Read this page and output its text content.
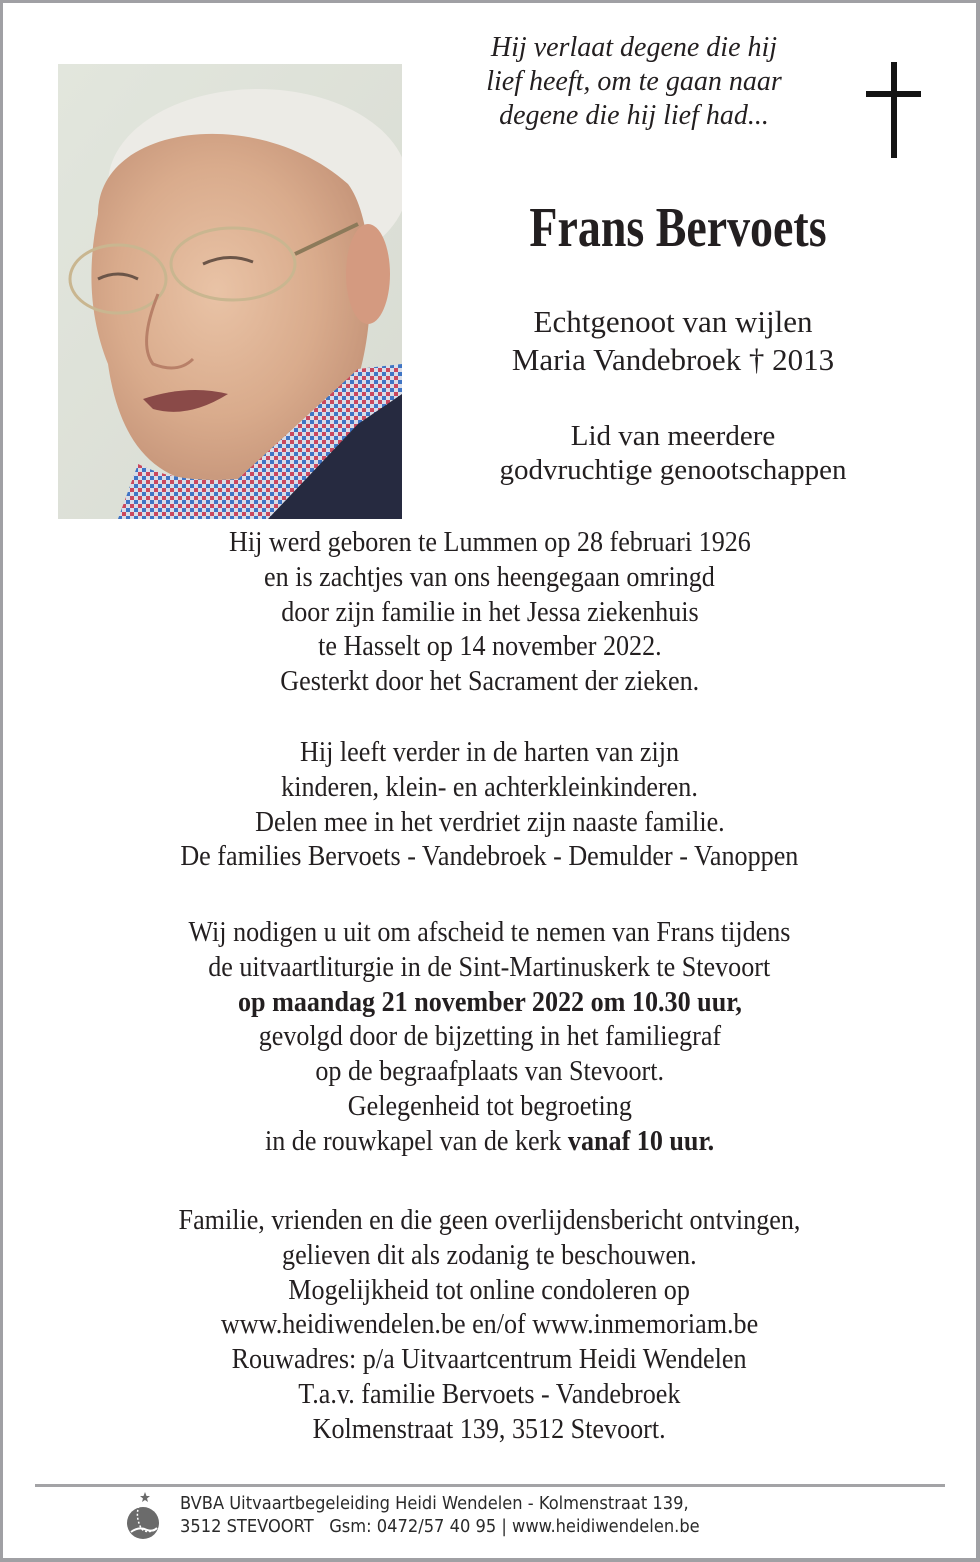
Hij verlaat degene die hij
lief heeft, om te gaan naar
degene die hij lief had...
Frans Bervoets
Echtgenoot van wijlen
Maria Vandebroek † 2013
Lid van meerdere
godvruchtige genootschappen
Hij werd geboren te Lummen op 28 februari 1926
en is zachtjes van ons heengegaan omringd
door zijn familie in het Jessa ziekenhuis
te Hasselt op 14 november 2022.
Gesterkt door het Sacrament der zieken.
Hij leeft verder in de harten van zijn
kinderen, klein- en achterkleinkinderen.
Delen mee in het verdriet zijn naaste familie.
De families Bervoets - Vandebroek - Demulder - Vanoppen
Wij nodigen u uit om afscheid te nemen van Frans tijdens
de uitvaartliturgie in de Sint-Martinuskerk te Stevoort
op maandag 21 november 2022 om 10.30 uur,
gevolgd door de bijzetting in het familiegraf
op de begraafplaats van Stevoort.
Gelegenheid tot begroeting
in de rouwkapel van de kerk vanaf 10 uur.
Familie, vrienden en die geen overlijdensbericht ontvingen,
gelieven dit als zodanig te beschouwen.
Mogelijkheid tot online condoleren op
www.heidiwendelen.be en/of www.inmemoriam.be
Rouwadres: p/a Uitvaartcentrum Heidi Wendelen
T.a.v. familie Bervoets - Vandebroek
Kolmenstraat 139, 3512 Stevoort.
BVBA Uitvaartbegeleiding Heidi Wendelen - Kolmenstraat 139,
3512 STEVOORT   Gsm: 0472/57 40 95 | www.heidiwendelen.be
